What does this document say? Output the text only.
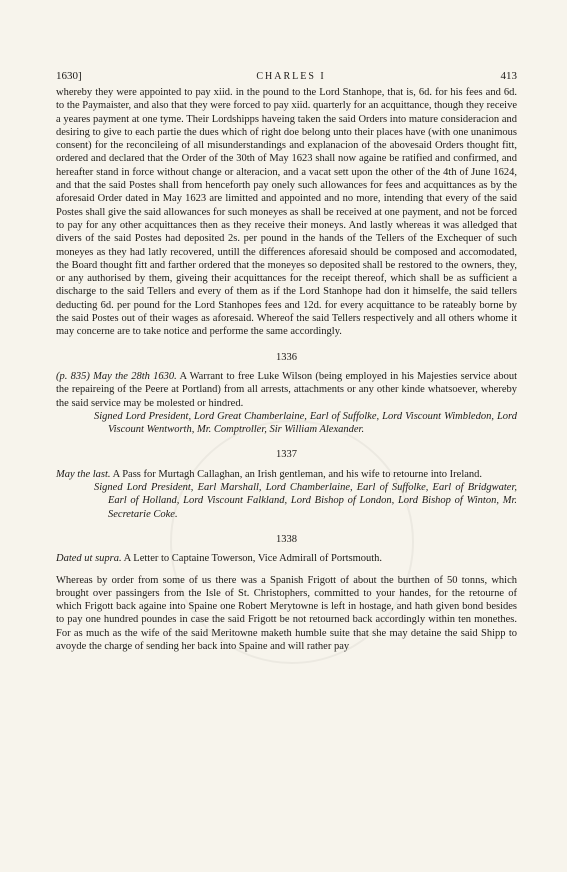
1630]	CHARLES I	413

whereby they were appointed to pay xiid. in the pound to the Lord Stanhope, that is, 6d. for his fees and 6d. to the Paymaister, and also that they were forced to pay xiid. quarterly for an acquittance, though they receive a yeares payment at one tyme. Their Lordshipps haveing taken the said Orders into mature consideracion and desiring to give to each partie the dues which of right doe belong unto their places have (with one unanimous consent) for the reconcileing of all misunderstandings and explanacion of the abovesaid Orders thought fitt, ordered and declared that the Order of the 30th of May 1623 shall now againe be ratified and confirmed, and hereafter stand in force without change or alteracion, and a vacat sett upon the other of the 4th of June 1624, and that the said Postes shall from henceforth pay onely such allowances for fees and acquittances as by the aforesaid Order dated in May 1623 are limitted and appointed and no more, intending that every of the said Postes shall give the said allowances for such moneyes as shall be received at one payment, and not be forced to pay for any other acquittances then as they receive their moneys. And lastly whereas it was alledged that divers of the said Postes had deposited 2s. per pound in the hands of the Tellers of the Exchequer of such moneyes as they had latly recovered, untill the differences aforesaid should be composed and accomodated, the Board thought fitt and farther ordered that the moneyes so deposited shall be restored to the owners, they, or any authorised by them, giveing their acquittances for the receipt thereof, which shall be as sufficient a discharge to the said Tellers and every of them as if the Lord Stanhope had don it himselfe, the said tellers deducting 6d. per pound for the Lord Stanhopes fees and 12d. for every acquittance to be rateably borne by the said Postes out of their wages as aforesaid. Whereof the said Tellers respectively and all others whome it may concerne are to take notice and performe the same accordingly.

1336

(p. 835) May the 28th 1630. A Warrant to free Luke Wilson (being employed in his Majesties service about the repaireing of the Peere at Portland) from all arrests, attachments or any other kinde whatsoever, whereby the said service may be molested or hindred.

Signed Lord President, Lord Great Chamberlaine, Earl of Suffolke, Lord Viscount Wimbledon, Lord Viscount Wentworth, Mr. Comptroller, Sir William Alexander.

1337

May the last. A Pass for Murtagh Callaghan, an Irish gentleman, and his wife to retourne into Ireland.

Signed Lord President, Earl Marshall, Lord Chamberlaine, Earl of Suffolke, Earl of Bridgwater, Earl of Holland, Lord Viscount Falkland, Lord Bishop of London, Lord Bishop of Winton, Mr. Secretarie Coke.

1338

Dated ut supra. A Letter to Captaine Towerson, Vice Admirall of Portsmouth.

Whereas by order from some of us there was a Spanish Frigott of about the burthen of 50 tonns, which brought over passingers from the Isle of St. Christophers, committed to your handes, for the retournе of which Frigott back againe into Spaine one Robert Merytowne is left in hostage, and hath given bond besides to pay one hundred poundes in case the said Frigott be not retourned back accordingly within ten monethes. For as much as the wife of the said Meritowne maketh humble suite that she may detaine the said Shipp to avoyde the charge of sending her back into Spaine and will rather pay
